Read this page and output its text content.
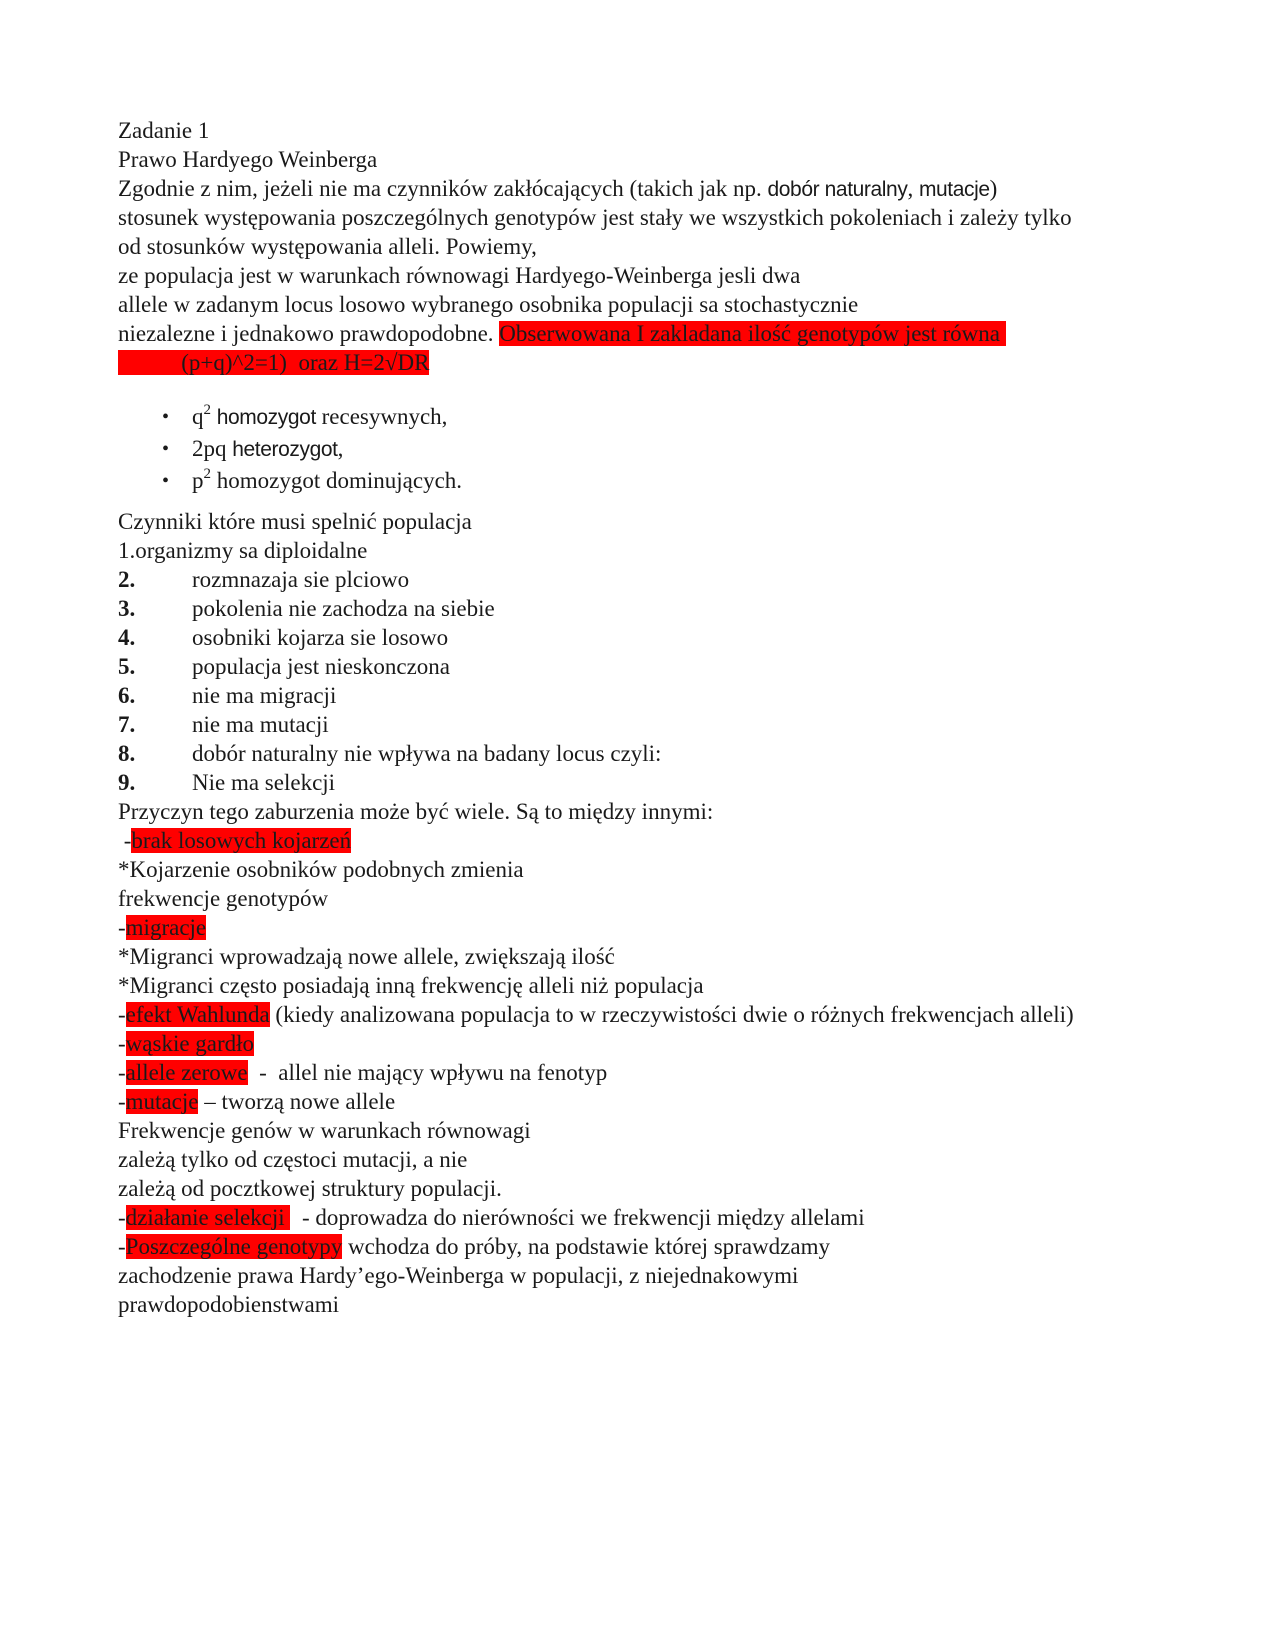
Zadanie 1
Prawo Hardyego Weinberga
Zgodnie z nim, jeżeli nie ma czynników zakłócających (takich jak np. dobór naturalny, mutacje)
stosunek występowania poszczególnych genotypów jest stały we wszystkich pokoleniach i zależy tylko
od stosunków występowania alleli. Powiemy,
ze populacja jest w warunkach równowagi Hardyego-Weinberga jesli dwa
allele w zadanym locus losowo wybranego osobnika populacji sa stochastycznie
niezalezne i jednakowo prawdopodobne. Obserwowana I zakladana ilość genotypów jest równa
(p+q)^2=1)  oraz H=2√DR
• $q^2$ homozygot recesywnych,
• 2pq heterozygot,
• $p^2$ homozygot dominujących.
Czynniki które musi spelnić populacja
1.organizmy sa diploidalne
2. rozmnazaja sie plciowo
3. pokolenia nie zachodza na siebie
4. osobniki kojarza sie losowo
5. populacja jest nieskonczona
6. nie ma migracji
7. nie ma mutacji
8. dobór naturalny nie wpływa na badany locus czyli:
9. Nie ma selekcji
Przyczyn tego zaburzenia może być wiele. Są to między innymi:
-brak losowych kojarzeń
*Kojarzenie osobników podobnych zmienia
frekwencje genotypów
-migracje
*Migranci wprowadzają nowe allele, zwiększają ilość
*Migranci często posiadają inną frekwencję alleli niż populacja
-efekt Wahlunda (kiedy analizowana populacja to w rzeczywistości dwie o różnych frekwencjach alleli)
-wąskie gardło
-allele zerowe  -  allel nie mający wpływu na fenotyp
-mutacje – tworzą nowe allele
Frekwencje genów w warunkach równowagi
zależą tylko od częstoci mutacji, a nie
zależą od pocztkowej struktury populacji.
-działanie selekcji   - doprowadza do nierówności we frekwencji między allelami
-Poszczególne genotypy wchodza do próby, na podstawie której sprawdzamy
zachodzenie prawa Hardy’ego-Weinberga w populacji, z niejednakowymi
prawdopodobienstwami
